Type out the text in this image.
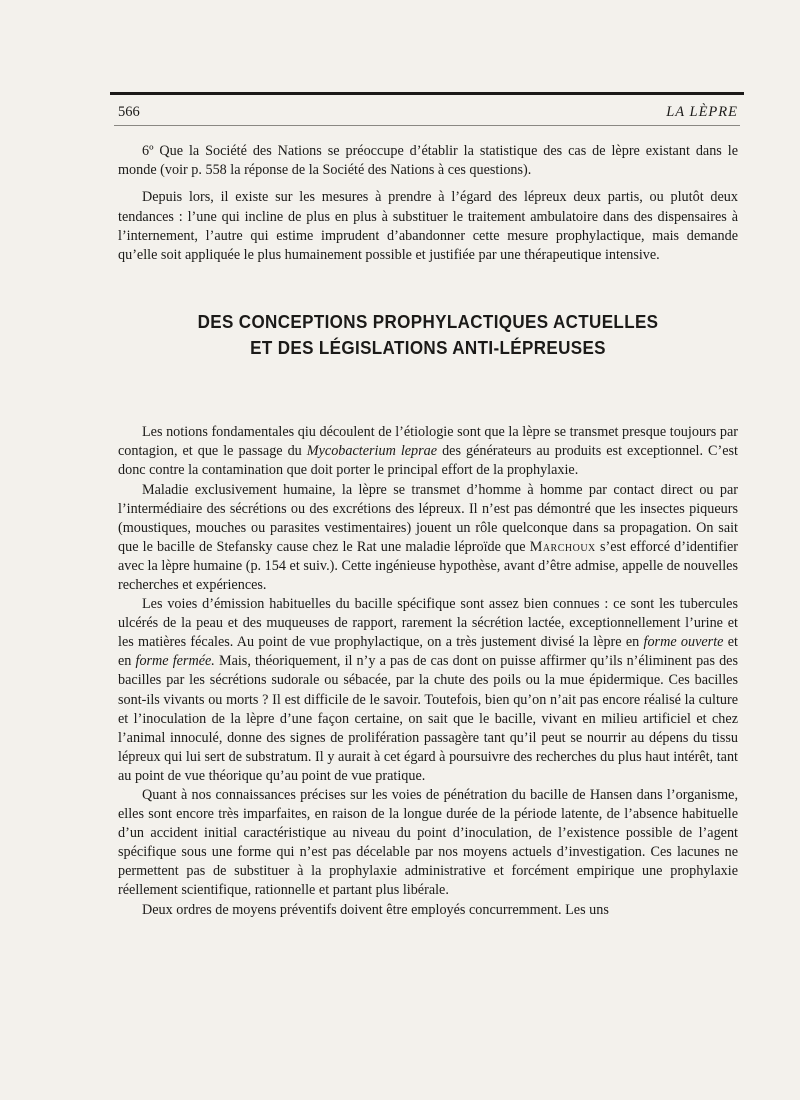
566	LA LÈPRE

6º Que la Société des Nations se préoccupe d’établir la statistique des cas de lèpre existant dans le monde (voir p. 558 la réponse de la Société des Nations à ces questions).

Depuis lors, il existe sur les mesures à prendre à l’égard des lépreux deux partis, ou plutôt deux tendances : l’une qui incline de plus en plus à substituer le traitement ambulatoire dans des dispensaires à l’internement, l’autre qui estime imprudent d’abandonner cette mesure prophylactique, mais demande qu’elle soit appliquée le plus humainement possible et justifiée par une thérapeutique intensive.

DES CONCEPTIONS PROPHYLACTIQUES ACTUELLES
ET DES LÉGISLATIONS ANTI-LÉPREUSES

Les notions fondamentales qiu découlent de l’étiologie sont que la lèpre se transmet presque toujours par contagion, et que le passage du Mycobacterium leprae des générateurs au produits est exceptionnel. C’est donc contre la contamination que doit porter le principal effort de la prophylaxie.

Maladie exclusivement humaine, la lèpre se transmet d’homme à homme par contact direct ou par l’intermédiaire des sécrétions ou des excrétions des lépreux. Il n’est pas démontré que les insectes piqueurs (moustiques, mouches ou parasites vestimentaires) jouent un rôle quelconque dans sa propagation. On sait que le bacille de Stefansky cause chez le Rat une maladie léproïde que Marchoux s’est efforcé d’identifier avec la lèpre humaine (p. 154 et suiv.). Cette ingénieuse hypothèse, avant d’être admise, appelle de nouvelles recherches et expériences.

Les voies d’émission habituelles du bacille spécifique sont assez bien connues : ce sont les tubercules ulcérés de la peau et des muqueuses de rapport, rarement la sécrétion lactée, exceptionnellement l’urine et les matières fécales. Au point de vue prophylactique, on a très justement divisé la lèpre en forme ouverte et en forme fermée. Mais, théoriquement, il n’y a pas de cas dont on puisse affirmer qu’ils n’éliminent pas des bacilles par les sécrétions sudorale ou sébacée, par la chute des poils ou la mue épidermique. Ces bacilles sont-ils vivants ou morts ? Il est difficile de le savoir. Toutefois, bien qu’on n’ait pas encore réalisé la culture et l’inoculation de la lèpre d’une façon certaine, on sait que le bacille, vivant en milieu artificiel et chez l’animal innoculé, donne des signes de prolifération passagère tant qu’il peut se nourrir au dépens du tissu lépreux qui lui sert de substratum. Il y aurait à cet égard à poursuivre des recherches du plus haut intérêt, tant au point de vue théorique qu’au point de vue pratique.

Quant à nos connaissances précises sur les voies de pénétration du bacille de Hansen dans l’organisme, elles sont encore très imparfaites, en raison de la longue durée de la période latente, de l’absence habituelle d’un accident initial caractéristique au niveau du point d’inoculation, de l’existence possible de l’agent spécifique sous une forme qui n’est pas décelable par nos moyens actuels d’investigation. Ces lacunes ne permettent pas de substituer à la prophylaxie administrative et forcément empirique une prophylaxie réellement scientifique, rationnelle et partant plus libérale.

Deux ordres de moyens préventifs doivent être employés concurremment. Les uns
